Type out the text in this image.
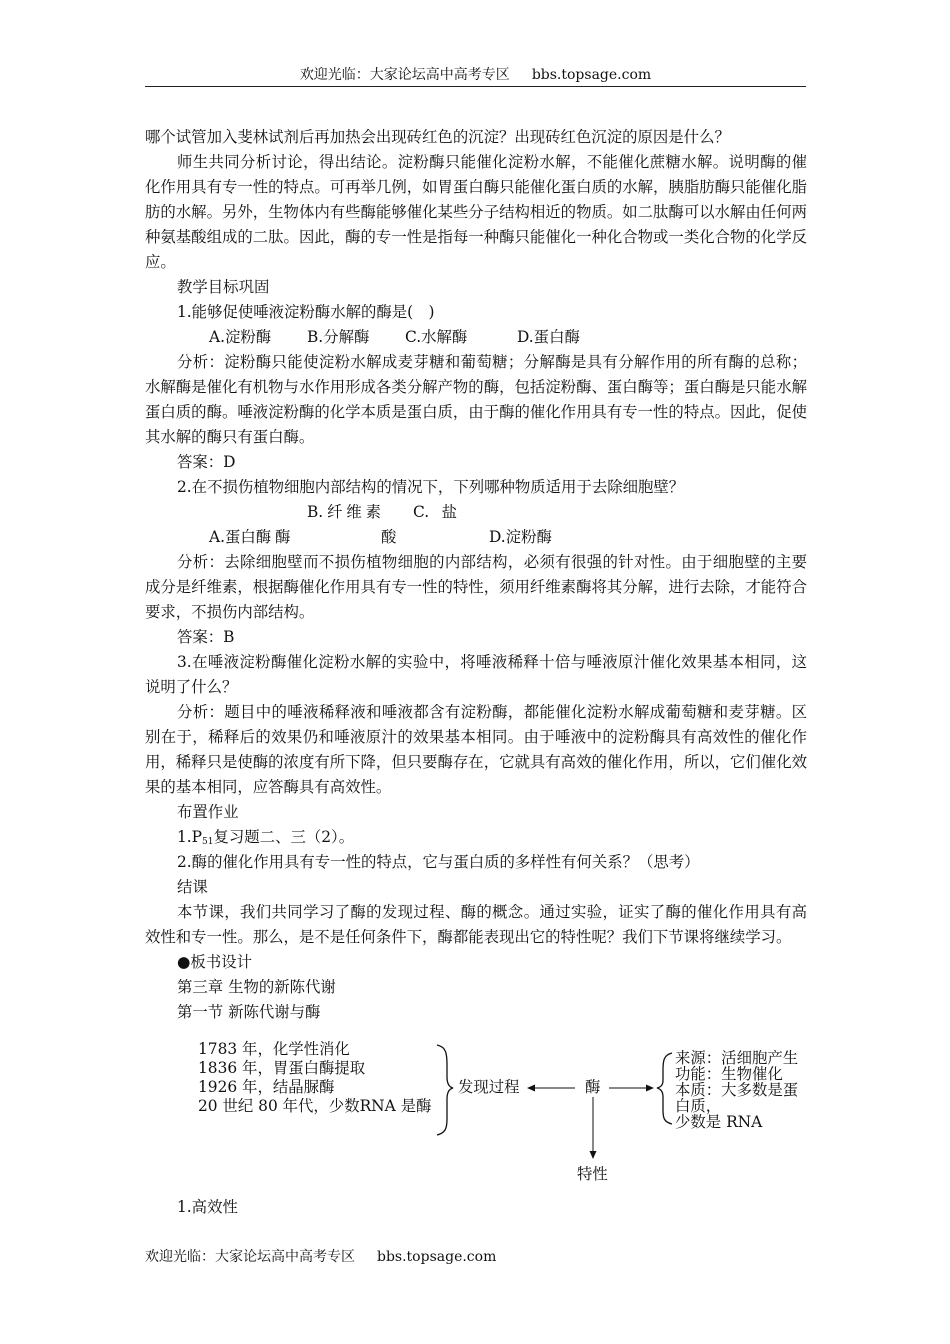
欢迎光临：大家论坛高中高考专区 bbs.topsage.com

哪个试管加入斐林试剂后再加热会出现砖红色的沉淀？出现砖红色沉淀的原因是什么？

师生共同分析讨论，得出结论。淀粉酶只能催化淀粉水解，不能催化蔗糖水解。说明酶的催化作用具有专一性的特点。可再举几例，如胃蛋白酶只能催化蛋白质的水解，胰脂肪酶只能催化脂肪的水解。另外，生物体内有些酶能够催化某些分子结构相近的物质。如二肽酶可以水解由任何两种氨基酸组成的二肽。因此，酶的专一性是指每一种酶只能催化一种化合物或一类化合物的化学反应。

教学目标巩固

1.能够促使唾液淀粉酶水解的酶是(　)

A.淀粉酶 B.分解酶 C.水解酶	D.蛋白酶

分析：淀粉酶只能使淀粉水解成麦芽糖和葡萄糖；分解酶是具有分解作用的所有酶的总称；水解酶是催化有机物与水作用形成各类分解产物的酶，包括淀粉酶、蛋白酶等；蛋白酶是只能水解蛋白质的酶。唾液淀粉酶的化学本质是蛋白质，由于酶的催化作用具有专一性的特点。因此，促使其水解的酶只有蛋白酶。

答案：D

2.在不损伤植物细胞内部结构的情况下，下列哪种物质适用于去除细胞壁？

A.蛋白酶B.纤维素酶C.盐酸	D.淀粉酶

分析：去除细胞壁而不损伤植物细胞的内部结构，必须有很强的针对性。由于细胞壁的主要成分是纤维素，根据酶催化作用具有专一性的特性，须用纤维素酶将其分解，进行去除，才能符合要求，不损伤内部结构。

答案：B

3.在唾液淀粉酶催化淀粉水解的实验中，将唾液稀释十倍与唾液原汁催化效果基本相同，这说明了什么？

分析：题目中的唾液稀释液和唾液都含有淀粉酶，都能催化淀粉水解成葡萄糖和麦芽糖。区别在于，稀释后的效果仍和唾液原汁的效果基本相同。由于唾液中的淀粉酶具有高效性的催化作用，稀释只是使酶的浓度有所下降，但只要酶存在，它就具有高效的催化作用，所以，它们催化效果的基本相同，应答酶具有高效性。

布置作业

$1.P_{51}$复习题二、三（2）。

2.酶的催化作用具有专一性的特点，它与蛋白质的多样性有何关系？（思考）

结课

本节课，我们共同学习了酶的发现过程、酶的概念。通过实验，证实了酶的催化作用具有高效性和专一性。那么，是不是任何条件下，酶都能表现出它的特性呢？我们下节课将继续学习。

●板书设计

第三章 生物的新陈代谢

第一节 新陈代谢与酶

1783 年，化学性消化
1836 年，胃蛋白酶提取
1926 年，结晶脲酶
20 世纪 80 年代，少数RNA 是酶
发现过程	酶
特性
来源：活细胞产生
功能：生物催化
本质：大多数是蛋白质，
少数是 RNA

1.高效性

欢迎光临：大家论坛高中高考专区 bbs.topsage.com
